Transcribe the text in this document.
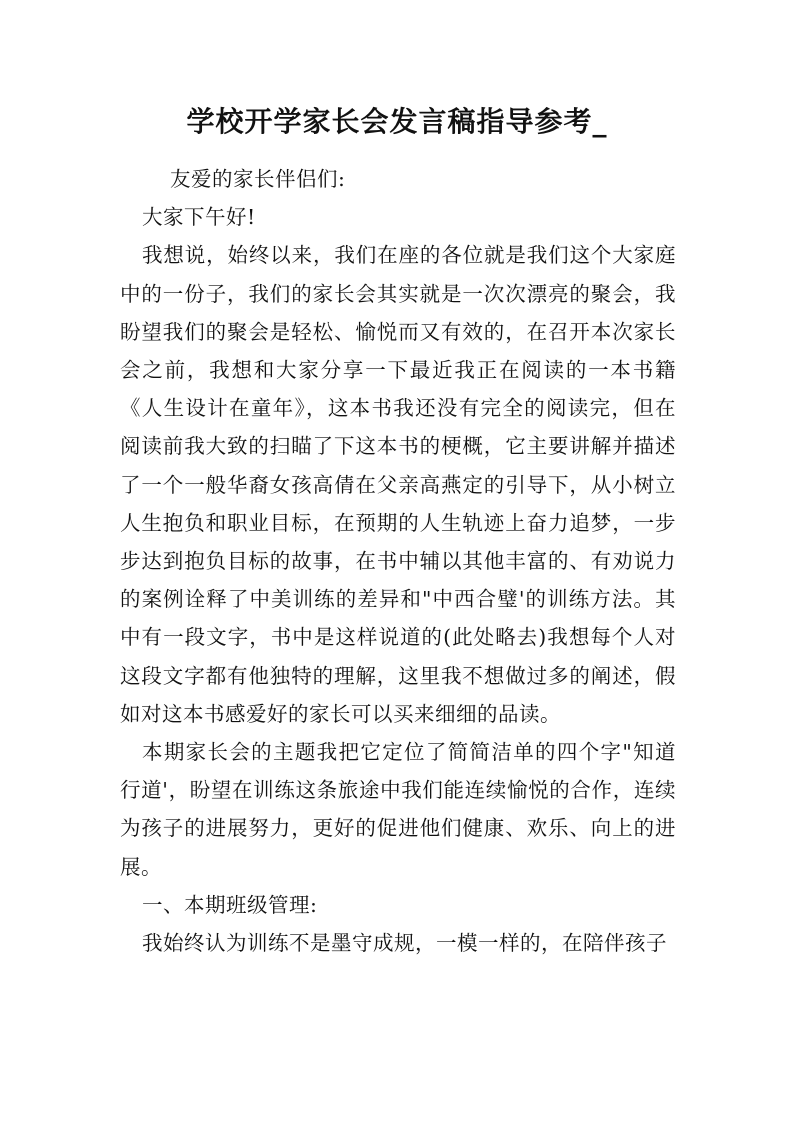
学校开学家长会发言稿指导参考_

友爱的家长伴侣们:

大家下午好!

我想说，始终以来，我们在座的各位就是我们这个大家庭中的一份子，我们的家长会其实就是一次次漂亮的聚会，我盼望我们的聚会是轻松、愉悦而又有效的，在召开本次家长会之前，我想和大家分享一下最近我正在阅读的一本书籍《人生设计在童年》，这本书我还没有完全的阅读完，但在阅读前我大致的扫瞄了下这本书的梗概，它主要讲解并描述了一个一般华裔女孩高倩在父亲高燕定的引导下，从小树立人生抱负和职业目标，在预期的人生轨迹上奋力追梦，一步步达到抱负目标的故事，在书中辅以其他丰富的、有劝说力的案例诠释了中美训练的差异和"中西合璧'的训练方法。其中有一段文字，书中是这样说道的(此处略去)我想每个人对这段文字都有他独特的理解，这里我不想做过多的阐述，假如对这本书感爱好的家长可以买来细细的品读。

本期家长会的主题我把它定位了简简洁单的四个字"知道行道'，盼望在训练这条旅途中我们能连续愉悦的合作，连续为孩子的进展努力，更好的促进他们健康、欢乐、向上的进展。

一、本期班级管理:

我始终认为训练不是墨守成规，一模一样的，在陪伴孩子
